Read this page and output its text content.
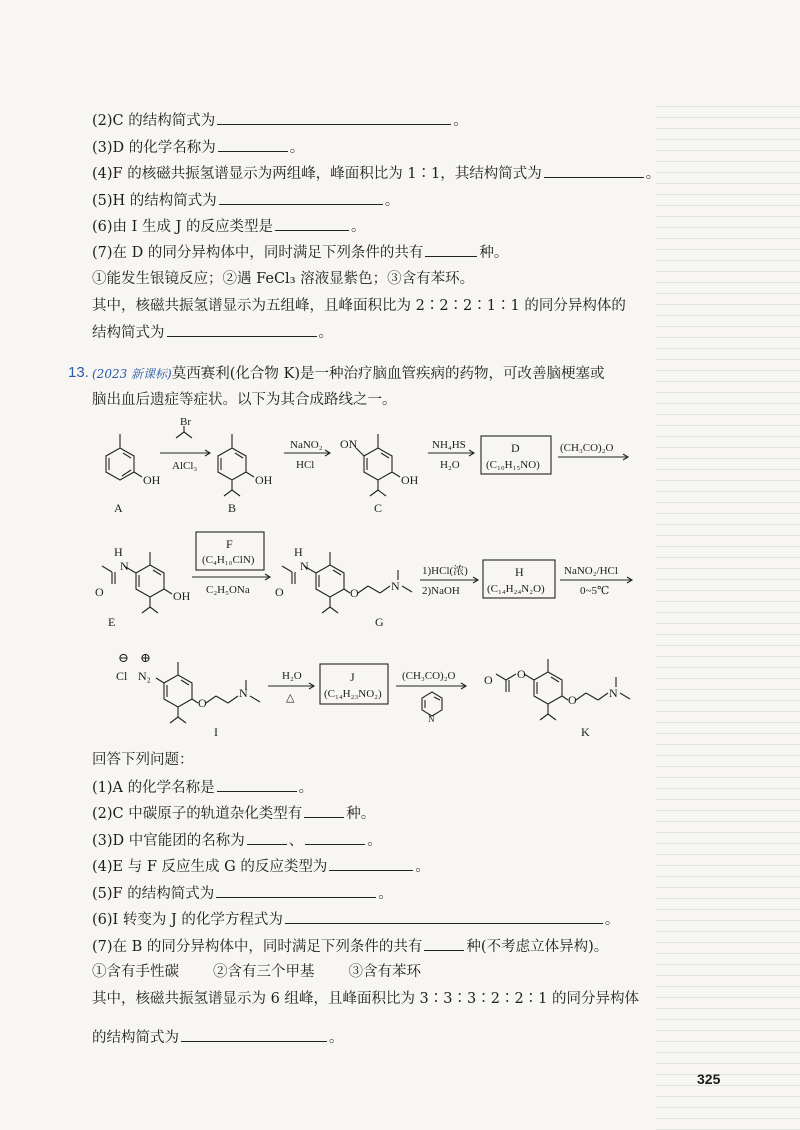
(2)C 的结构简式为	。
(3)D 的化学名称为	。
(4)F 的核磁共振氢谱显示为两组峰，峰面积比为 1∶1，其结构简式为	。
(5)H 的结构简式为	。
(6)由 I 生成 J 的反应类型是	。
(7)在 D 的同分异构体中，同时满足下列条件的共有	种。
①能发生银镜反应；②遇 FeCl₃ 溶液显紫色；③含有苯环。
其中，核磁共振氢谱显示为五组峰，且峰面积比为 2∶2∶2∶1∶1 的同分异构体的
结构简式为	。
13. (2023 新课标)莫西赛利(化合物 K)是一种治疗脑血管疾病的药物，可改善脑梗塞或
脑出血后遗症等症状。以下为其合成路线之一。
OH
A
Br
AlCl₃
OH
B
NaNO₂
HCl
ON
OH
C
NH₄HS
H₂O
D
(C₁₀H₁₅NO)
(CH₃CO)₂O
H
N
O	OH
E
F
(C₄H₁₀ClN)
C₂H₅ONa
H
N
O	O	N
G
1)HCl(浓)
2)NaOH
H
(C₁₄H₂₄N₂O)
NaNO₂/HCl
0~5℃
⊖ ⊕
Cl N₂
O
N
I
H₂O
△
J
(C₁₄H₂₃NO₂)
(CH₃CO)₂O
N
O O
O	N
K
回答下列问题：
(1)A 的化学名称是	。
(2)C 中碳原子的轨道杂化类型有	种。
(3)D 中官能团的名称为	、	。
(4)E 与 F 反应生成 G 的反应类型为	。
(5)F 的结构简式为	。
(6)I 转变为 J 的化学方程式为	。
(7)在 B 的同分异构体中，同时满足下列条件的共有	种(不考虑立体异构)。
①含有手性碳 ②含有三个甲基 ③含有苯环
其中，核磁共振氢谱显示为 6 组峰，且峰面积比为 3∶3∶3∶2∶2∶1 的同分异构体
的结构简式为	。
325
